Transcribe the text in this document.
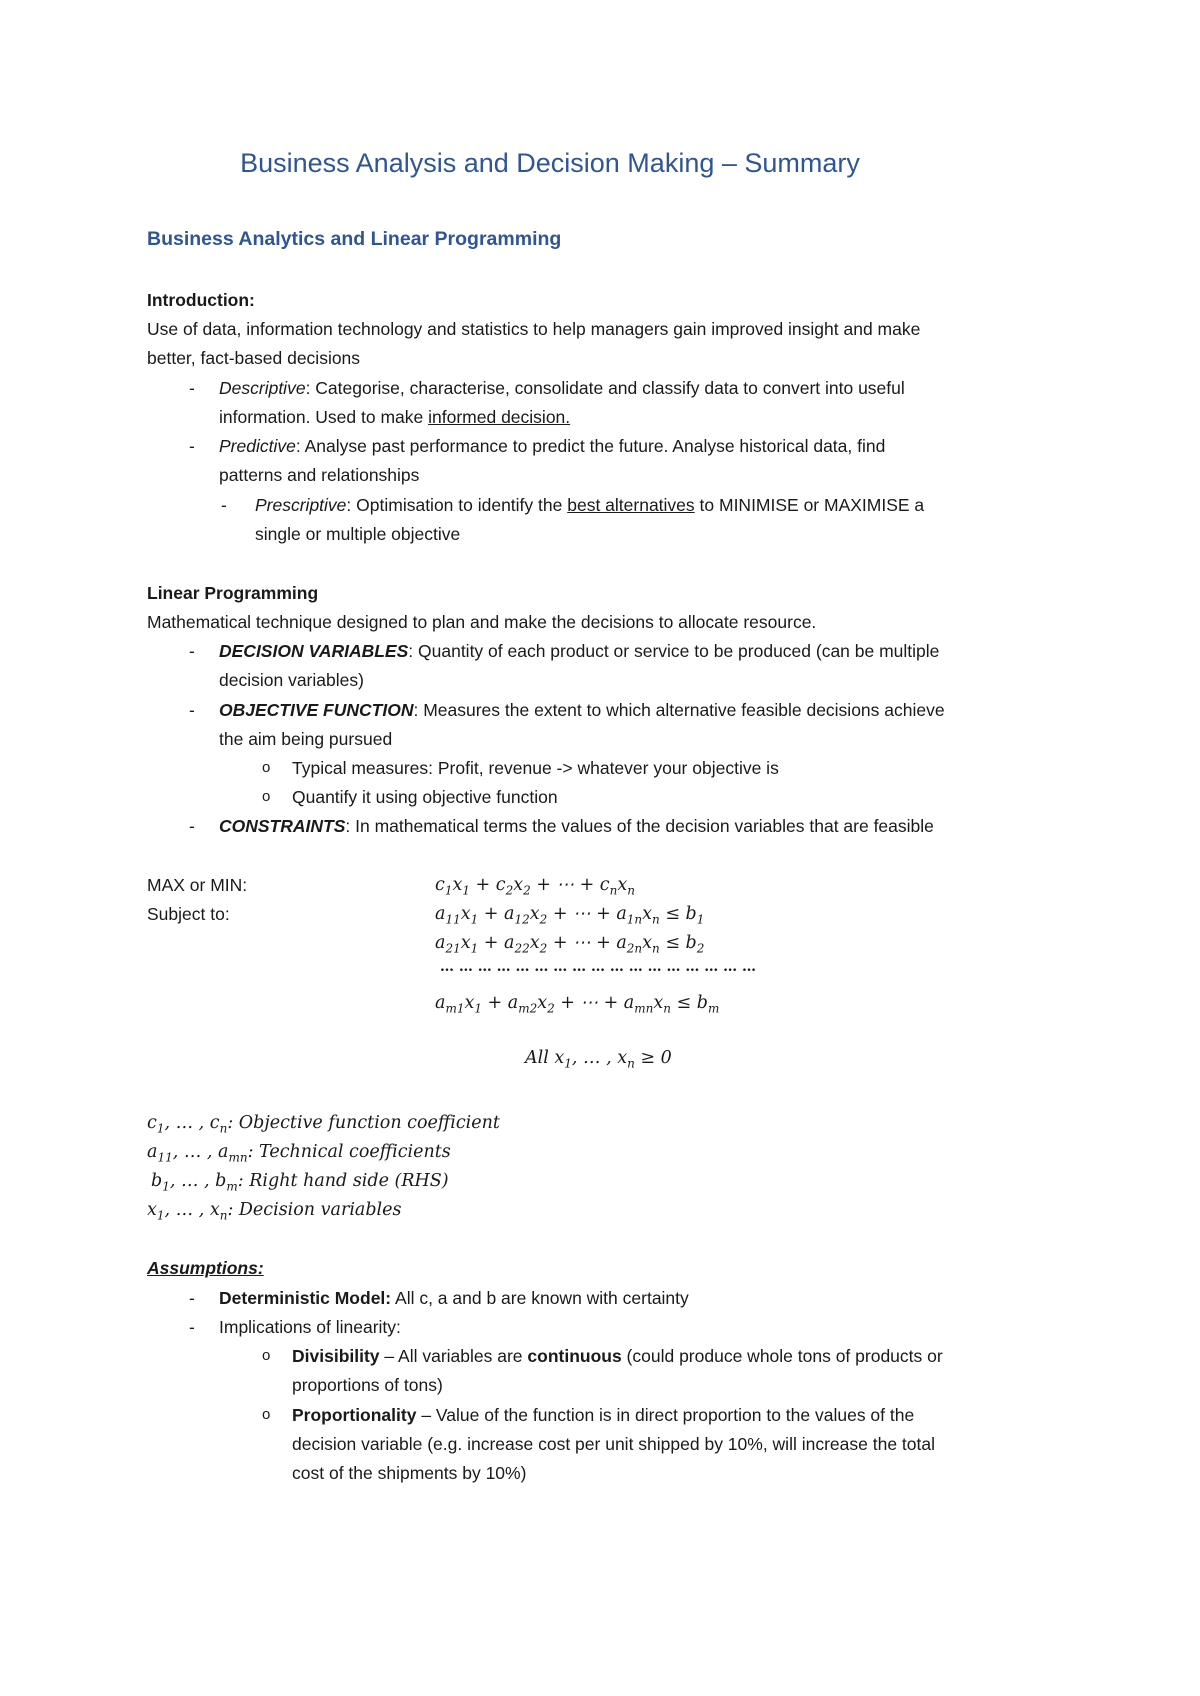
Business Analysis and Decision Making – Summary
Business Analytics and Linear Programming
Introduction:
Use of data, information technology and statistics to help managers gain improved insight and make
better, fact-based decisions
- Descriptive: Categorise, characterise, consolidate and classify data to convert into useful
information. Used to make informed decision.
- Predictive: Analyse past performance to predict the future. Analyse historical data, find
patterns and relationships
- Prescriptive: Optimisation to identify the best alternatives to MINIMISE or MAXIMISE a
single or multiple objective
Linear Programming
Mathematical technique designed to plan and make the decisions to allocate resource.
- DECISION VARIABLES: Quantity of each product or service to be produced (can be multiple
decision variables)
- OBJECTIVE FUNCTION: Measures the extent to which alternative feasible decisions achieve
the aim being pursued
o Typical measures: Profit, revenue -> whatever your objective is
o Quantify it using objective function
- CONSTRAINTS: In mathematical terms the values of the decision variables that are feasible
MAX or MIN:
Subject to:
$c_1x_1 + c_2x_2$ + ⋯ + $c_nx_n$
$a_{11}x_1 + a_{12}x_2$ + ⋯ + $a_{1n}x_n \le b_1$
$a_{21}x_1 + a_{22}x_2$ + ⋯ + $a_{2n}x_n \le b_2$
… … … … … … … … … … … … … … … … …
$a_{m1}x_1 + a_{m2}x_2$ + ⋯ + $a_{mn}x_n \le b_m$
All $x_1$, … , $x_n \ge 0$
$c_1$, … , $c_n$: Objective function coefficient
$a_{11}$, … , $a_{mn}$: Technical coefficients
$b_1$, … , $b_m$: Right hand side (RHS)
$x_1$, … , $x_n$: Decision variables
Assumptions:
- Deterministic Model: All c, a and b are known with certainty
- Implications of linearity:
o Divisibility – All variables are continuous (could produce whole tons of products or
proportions of tons)
o Proportionality – Value of the function is in direct proportion to the values of the
decision variable (e.g. increase cost per unit shipped by 10%, will increase the total
cost of the shipments by 10%)
